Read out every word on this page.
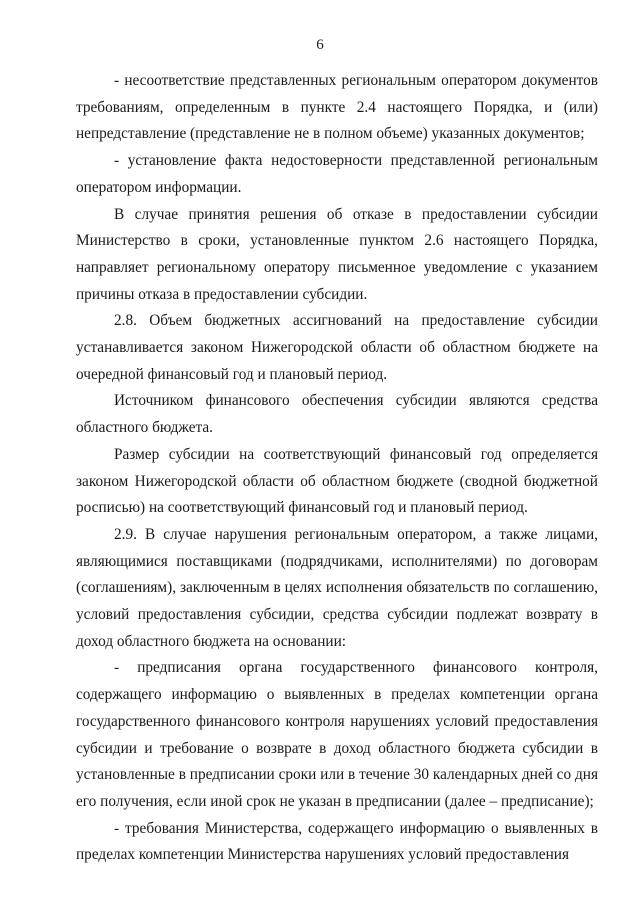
6

- несоответствие представленных региональным оператором документов требованиям, определенным в пункте 2.4 настоящего Порядка, и (или) непредставление (представление не в полном объеме) указанных документов;

- установление факта недостоверности представленной региональным оператором информации.

В случае принятия решения об отказе в предоставлении субсидии Министерство в сроки, установленные пунктом 2.6 настоящего Порядка, направляет региональному оператору письменное уведомление с указанием причины отказа в предоставлении субсидии.

2.8. Объем бюджетных ассигнований на предоставление субсидии устанавливается законом Нижегородской области об областном бюджете на очередной финансовый год и плановый период.

Источником финансового обеспечения субсидии являются средства областного бюджета.

Размер субсидии на соответствующий финансовый год определяется законом Нижегородской области об областном бюджете (сводной бюджетной росписью) на соответствующий финансовый год и плановый период.

2.9. В случае нарушения региональным оператором, а также лицами, являющимися поставщиками (подрядчиками, исполнителями) по договорам (соглашениям), заключенным в целях исполнения обязательств по соглашению, условий предоставления субсидии, средства субсидии подлежат возврату в доход областного бюджета на основании:

- предписания органа государственного финансового контроля, содержащего информацию о выявленных в пределах компетенции органа государственного финансового контроля нарушениях условий предоставления субсидии и требование о возврате в доход областного бюджета субсидии в установленные в предписании сроки или в течение 30 календарных дней со дня его получения, если иной срок не указан в предписании (далее – предписание);

- требования Министерства, содержащего информацию о выявленных в пределах компетенции Министерства нарушениях условий предоставления
